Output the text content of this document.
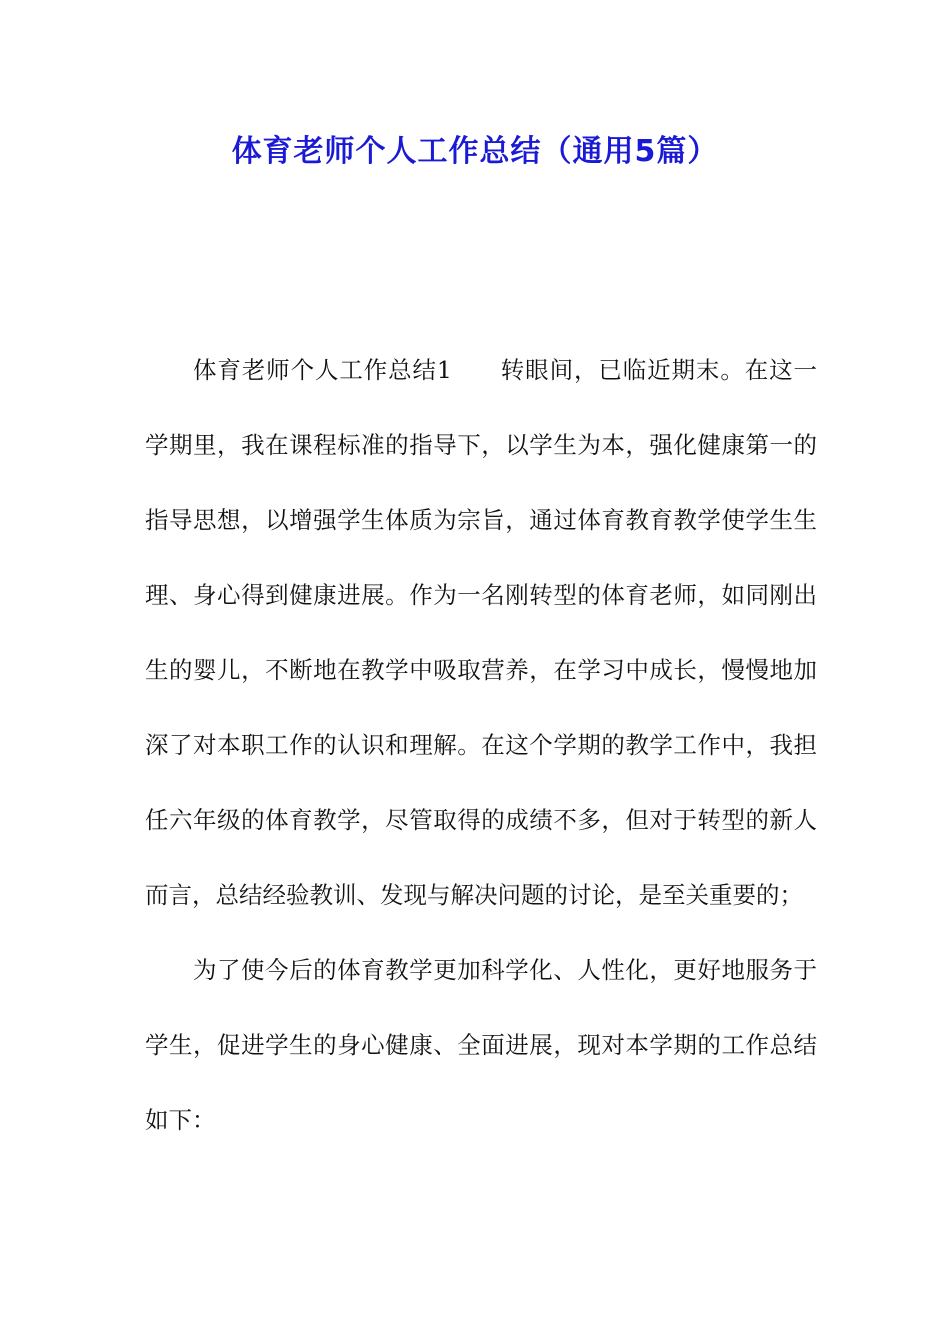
体育老师个人工作总结（通用5篇）

体育老师个人工作总结1 转眼间，已临近期末。在这一学期里，我在课程标准的指导下，以学生为本，强化健康第一的指导思想，以增强学生体质为宗旨，通过体育教育教学使学生生理、身心得到健康进展。作为一名刚转型的体育老师，如同刚出生的婴儿，不断地在教学中吸取营养，在学习中成长，慢慢地加深了对本职工作的认识和理解。在这个学期的教学工作中，我担任六年级的体育教学，尽管取得的成绩不多，但对于转型的新人而言，总结经验教训、发现与解决问题的讨论，是至关重要的；

为了使今后的体育教学更加科学化、人性化，更好地服务于学生，促进学生的身心健康、全面进展，现对本学期的工作总结如下：
